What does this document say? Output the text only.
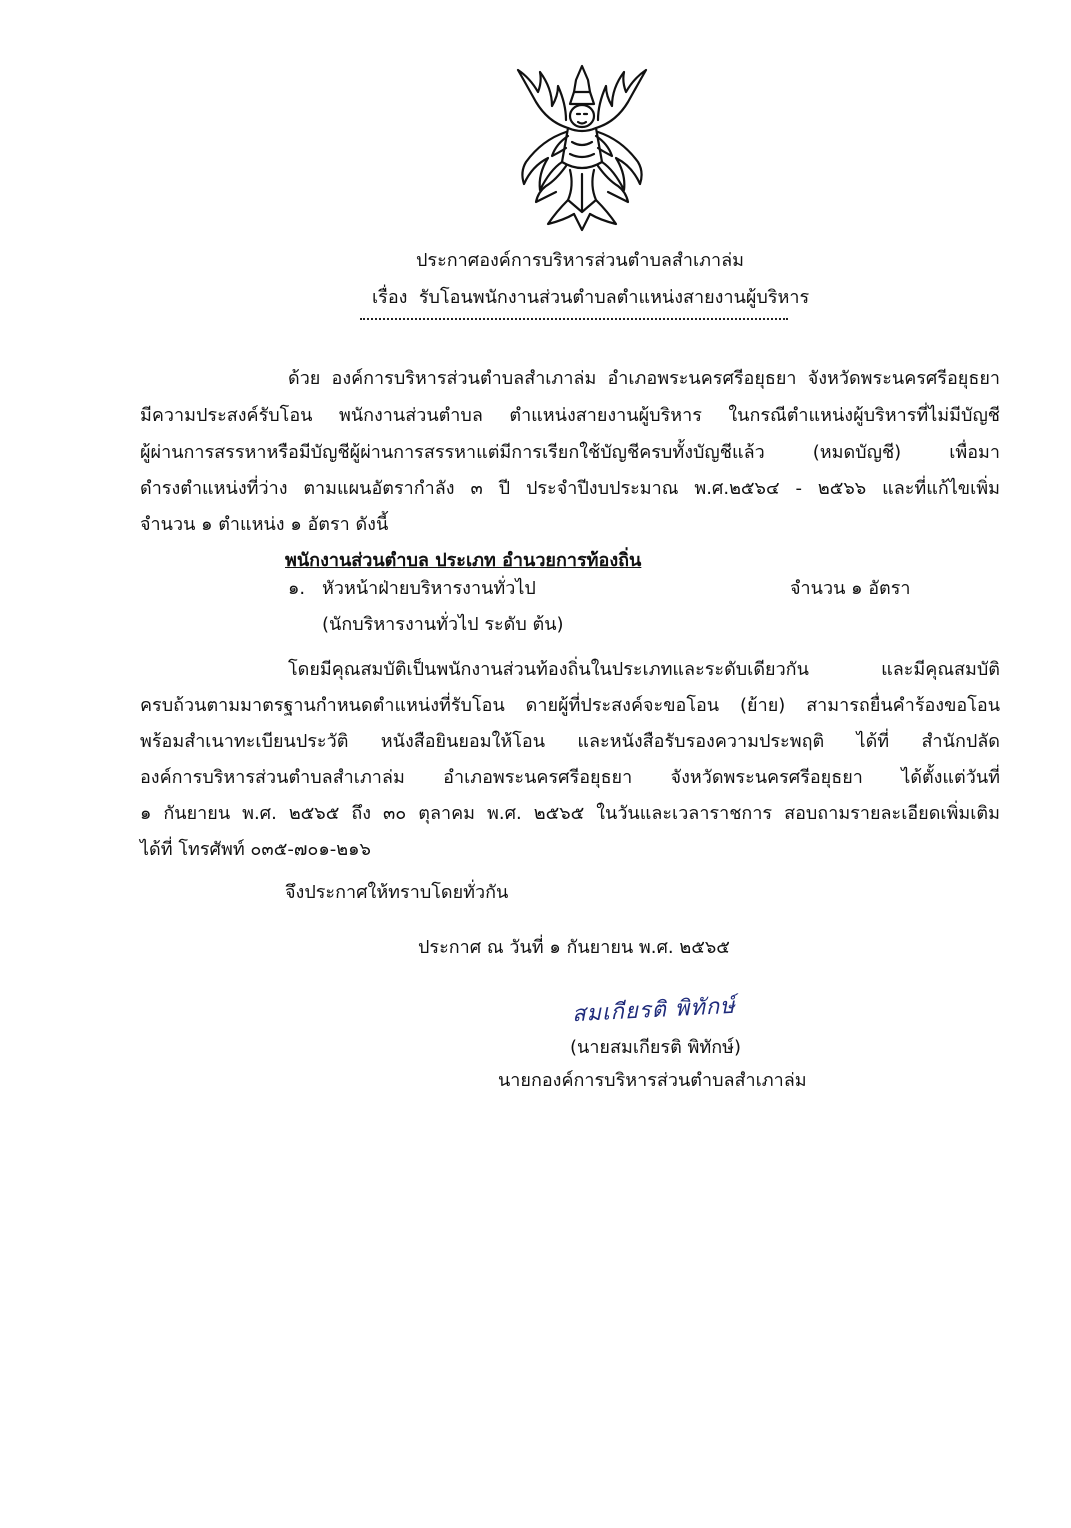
ประกาศองค์การบริหารส่วนตำบลสำเภาล่ม
เรื่อง รับโอนพนักงานส่วนตำบลตำแหน่งสายงานผู้บริหาร
ด้วย องค์การบริหารส่วนตำบลสำเภาล่ม อำเภอพระนครศรีอยุธยา จังหวัดพระนครศรีอยุธยา
มีความประสงค์รับโอน พนักงานส่วนตำบล ตำแหน่งสายงานผู้บริหาร ในกรณีตำแหน่งผู้บริหารที่ไม่มีบัญชี
ผู้ผ่านการสรรหาหรือมีบัญชีผู้ผ่านการสรรหาแต่มีการเรียกใช้บัญชีครบทั้งบัญชีแล้ว (หมดบัญชี) เพื่อมา
ดำรงตำแหน่งที่ว่าง ตามแผนอัตรากำลัง ๓ ปี ประจำปีงบประมาณ พ.ศ.๒๕๖๔ - ๒๕๖๖ และที่แก้ไขเพิ่ม
จำนวน ๑ ตำแหน่ง ๑ อัตรา ดังนี้
พนักงานส่วนตำบล ประเภท อำนวยการท้องถิ่น
๑. หัวหน้าฝ่ายบริหารงานทั่วไป	จำนวน ๑ อัตรา
(นักบริหารงานทั่วไป ระดับ ต้น)
โดยมีคุณสมบัติเป็นพนักงานส่วนท้องถิ่นในประเภทและระดับเดียวกัน และมีคุณสมบัติ
ครบถ้วนตามมาตรฐานกำหนดตำแหน่งที่รับโอน ดายผู้ที่ประสงค์จะขอโอน (ย้าย) สามารถยื่นคำร้องขอโอน
พร้อมสำเนาทะเบียนประวัติ หนังสือยินยอมให้โอน และหนังสือรับรองความประพฤติ ได้ที่ สำนักปลัด
องค์การบริหารส่วนตำบลสำเภาล่ม อำเภอพระนครศรีอยุธยา จังหวัดพระนครศรีอยุธยา ได้ตั้งแต่วันที่
๑ กันยายน พ.ศ. ๒๕๖๕ ถึง ๓๐ ตุลาคม พ.ศ. ๒๕๖๕ ในวันและเวลาราชการ สอบถามรายละเอียดเพิ่มเติม
ได้ที่ โทรศัพท์ ๐๓๕-๗๐๑-๒๑๖
จึงประกาศให้ทราบโดยทั่วกัน
ประกาศ ณ วันที่ ๑ กันยายน พ.ศ. ๒๕๖๕
สมเกียรติ พิทักษ์
(นายสมเกียรติ พิทักษ์)
นายกองค์การบริหารส่วนตำบลสำเภาล่ม
